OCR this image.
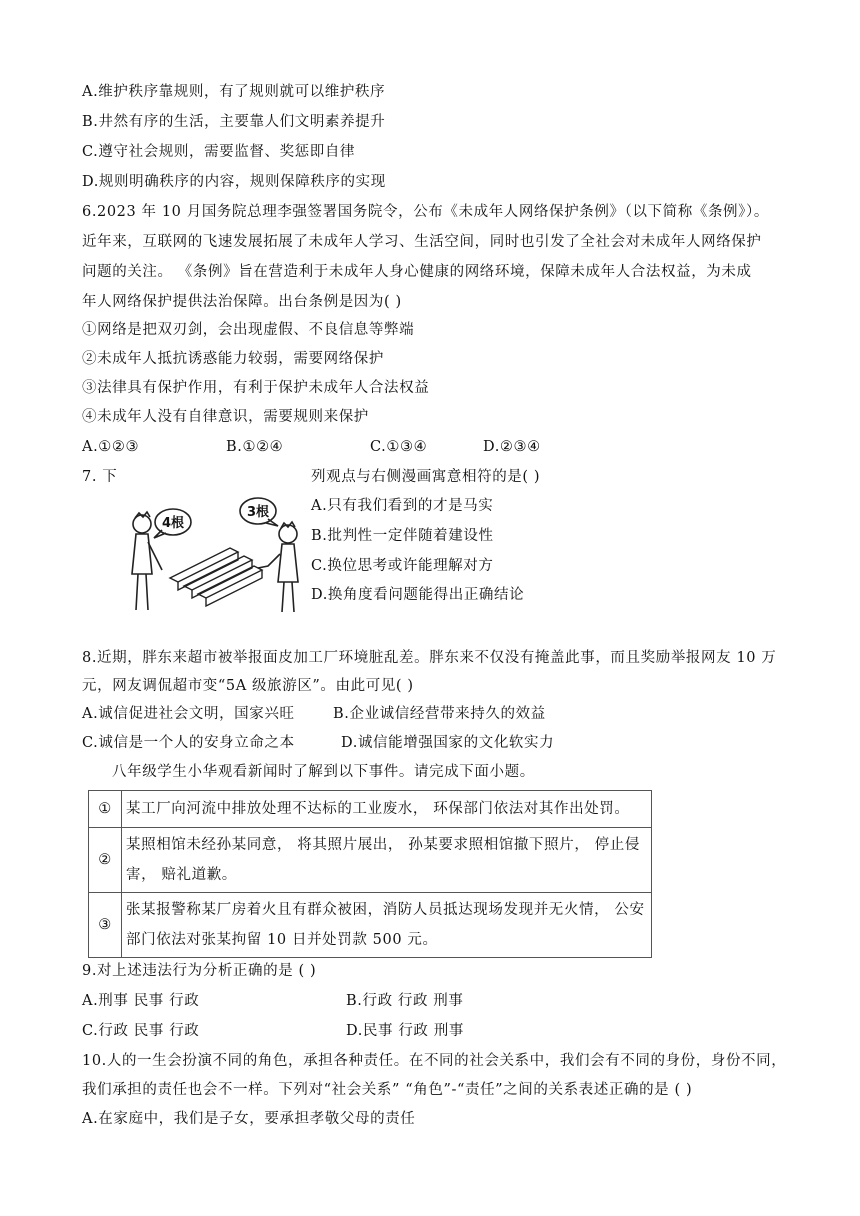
A.维护秩序靠规则，有了规则就可以维护秩序
B.井然有序的生活，主要靠人们文明素养提升
C.遵守社会规则，需要监督、奖惩即自律
D.规则明确秩序的内容，规则保障秩序的实现
6.2023 年 10 月国务院总理李强签署国务院令，公布《未成年人网络保护条例》（以下简称《条例》）。
近年来，互联网的飞速发展拓展了未成年人学习、生活空间，同时也引发了全社会对未成年人网络保护
问题的关注。 《条例》旨在营造利于未成年人身心健康的网络环境，保障未成年人合法权益，为未成
年人网络保护提供法治保障。出台条例是因为( )
①网络是把双刃剑，会出现虚假、不良信息等弊端
②未成年人抵抗诱惑能力较弱，需要网络保护
③法律具有保护作用，有利于保护未成年人合法权益
④未成年人没有自律意识，需要规则来保护
A.①②③	B.①②④	C.①③④	D.②③④
7. 下	列观点与右侧漫画寓意相符的是( )
A.只有我们看到的才是马实
B.批判性一定伴随着建设性
C.换位思考或许能理解对方
D.换角度看问题能得出正确结论
4根
3根
8.近期，胖东来超市被举报面皮加工厂环境脏乱差。胖东来不仅没有掩盖此事，而且奖励举报网友 10 万
元，网友调侃超市变“5A 级旅游区”。由此可见( )
A.诚信促进社会文明，国家兴旺	B.企业诚信经营带来持久的效益
C.诚信是一个人的安身立命之本	D.诚信能增强国家的文化软实力
八年级学生小华观看新闻时了解到以下事件。请完成下面小题。
①	某工厂向河流中排放处理不达标的工业废水， 环保部门依法对其作出处罚。
②	某照相馆未经孙某同意， 将其照片展出， 孙某要求照相馆撤下照片， 停止侵
害， 赔礼道歉。

③	张某报警称某厂房着火且有群众被困，消防人员抵达现场发现并无火情， 公安
部门依法对张某拘留 10 日并处罚款 500 元。
9.对上述违法行为分析正确的是 ( )
A.刑事 民事 行政	B.行政 行政 刑事
C.行政 民事 行政	D.民事 行政 刑事
10.人的一生会扮演不同的角色，承担各种责任。在不同的社会关系中，我们会有不同的身份，身份不同，
我们承担的责任也会不一样。下列对“社会关系” “角色”-“责任”之间的关系表述正确的是 ( )
A.在家庭中，我们是子女，要承担孝敬父母的责任
